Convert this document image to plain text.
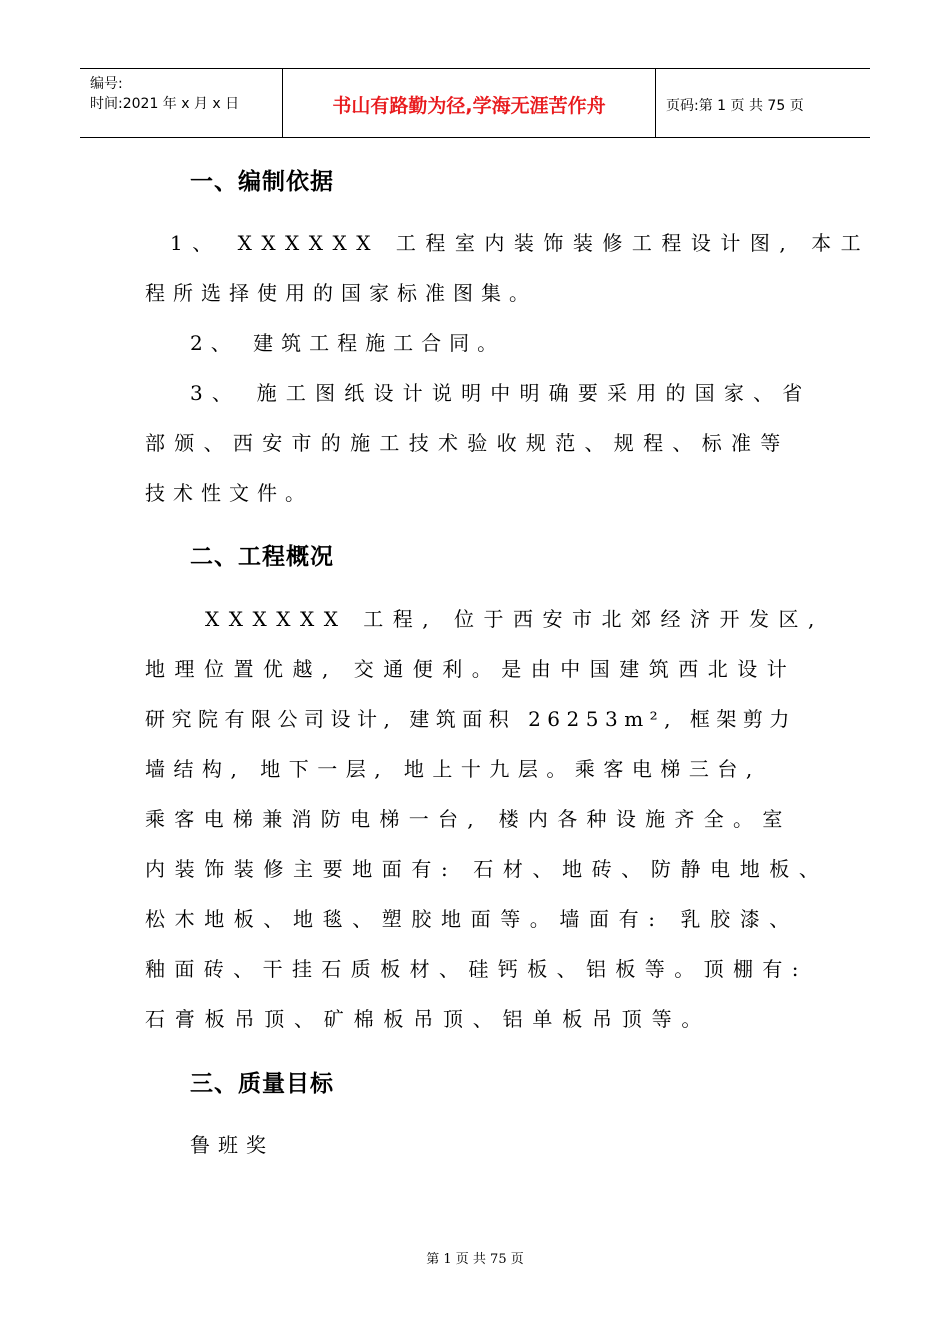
编号:
时间:2021 年 x 月 x 日	书山有路勤为径,学海无涯苦作舟	页码:第 1 页 共 75 页
一、编制依据
1、 XXXXXX 工程室内装饰装修工程设计图, 本工
程所选择使用的国家标准图集。
2、 建筑工程施工合同。
3、 施工图纸设计说明中明确要采用的国家、省
部颁、西安市的施工技术验收规范、规程、标准等
技术性文件。
二、工程概况
XXXXXX 工程, 位于西安市北郊经济开发区,
地理位置优越, 交通便利。是由中国建筑西北设计
研究院有限公司设计, 建筑面积 26253m², 框架剪力
墙结构, 地下一层, 地上十九层。乘客电梯三台,
乘客电梯兼消防电梯一台, 楼内各种设施齐全。室
内装饰装修主要地面有: 石材、地砖、防静电地板、
松木地板、地毯、塑胶地面等。墙面有: 乳胶漆、
釉面砖、干挂石质板材、硅钙板、铝板等。顶棚有:
石膏板吊顶、矿棉板吊顶、铝单板吊顶等。
三、质量目标
鲁班奖
第 1 页 共 75 页
